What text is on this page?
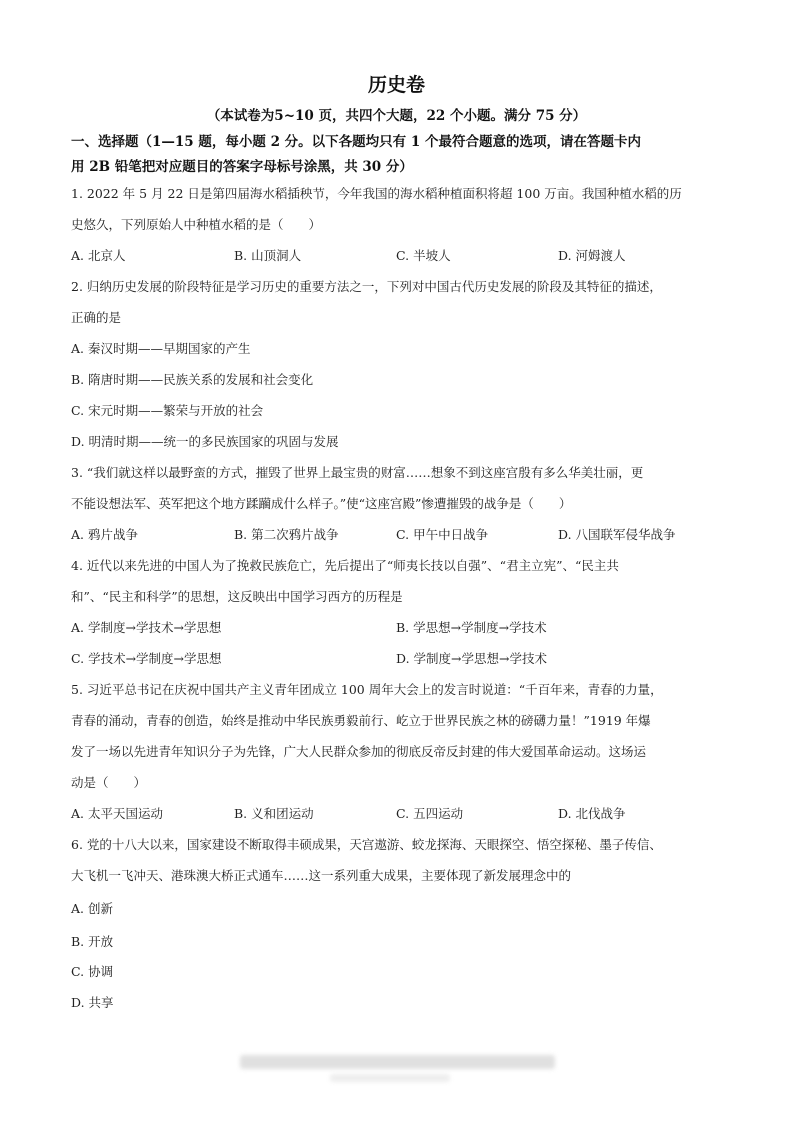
历史卷
（本试卷为5~10 页，共四个大题，22 个小题。满分 75 分）
一、选择题（1—15 题，每小题 2 分。以下各题均只有 1 个最符合题意的选项，请在答题卡内
用 2B 铅笔把对应题目的答案字母标号涂黑，共 30 分）
1. 2022 年 5 月 22 日是第四届海水稻插秧节，今年我国的海水稻种植面积将超 100 万亩。我国种植水稻的历
史悠久，下列原始人中种植水稻的是（　　）
A. 北京人	B. 山顶洞人	C. 半坡人	D. 河姆渡人
2. 归纳历史发展的阶段特征是学习历史的重要方法之一，下列对中国古代历史发展的阶段及其特征的描述，
正确的是
A. 秦汉时期——早期国家的产生
B. 隋唐时期——民族关系的发展和社会变化
C. 宋元时期——繁荣与开放的社会
D. 明清时期——统一的多民族国家的巩固与发展
3. “我们就这样以最野蛮的方式，摧毁了世界上最宝贵的财富……想象不到这座宫殷有多么华美壮丽，更
不能设想法军、英军把这个地方蹂躏成什么样子。”使“这座宫殿”惨遭摧毁的战争是（　　）
A. 鸦片战争	B. 第二次鸦片战争	C. 甲午中日战争	D. 八国联军侵华战争
4. 近代以来先进的中国人为了挽救民族危亡，先后提出了“师夷长技以自强”、“君主立宪”、“民主共
和”、“民主和科学”的思想，这反映出中国学习西方的历程是
A. 学制度→学技术→学思想	B. 学思想→学制度→学技术
C. 学技术→学制度→学思想	D. 学制度→学思想→学技术
5. 习近平总书记在庆祝中国共产主义青年团成立 100 周年大会上的发言时说道：“千百年来，青春的力量，
青春的涌动，青春的创造，始终是推动中华民族勇毅前行、屹立于世界民族之林的磅礴力量！”1919 年爆
发了一场以先进青年知识分子为先锋，广大人民群众参加的彻底反帝反封建的伟大爱国革命运动。这场运
动是（　　）
A. 太平天国运动	B. 义和团运动	C. 五四运动	D. 北伐战争
6. 党的十八大以来，国家建设不断取得丰硕成果，天宫遨游、蛟龙探海、天眼探空、悟空探秘、墨子传信、
大飞机一飞冲天、港珠澳大桥正式通车……这一系列重大成果，主要体现了新发展理念中的
A. 创新
B. 开放
C. 协调
D. 共享
